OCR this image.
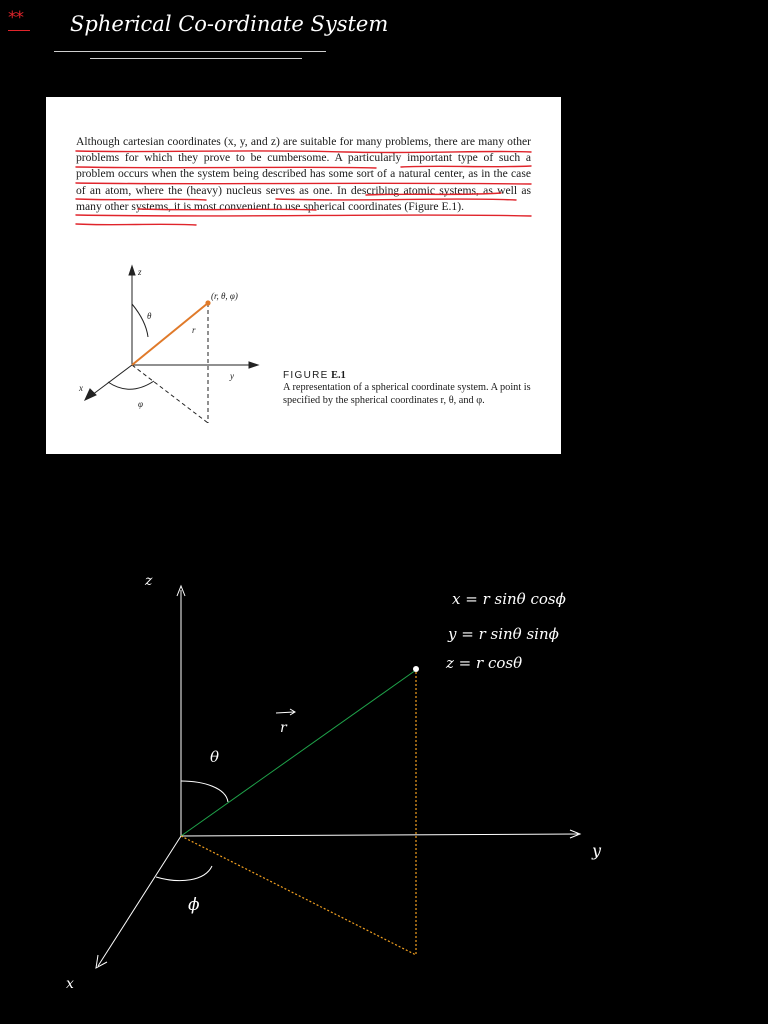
** Spherical Co-ordinate System
Although cartesian coordinates (x, y, and z) are suitable for many problems, there are many other problems for which they prove to be cumbersome. A particularly important type of such a problem occurs when the system being described has some sort of a natural center, as in the case of an atom, where the (heavy) nucleus serves as one. In describing atomic systems, as well as many other systems, it is most convenient to use spherical coordinates (Figure E.1).
z
y
x
θ
φ
r
(r, θ, φ)
FIGURE E.1
A representation of a spherical coordinate system. A point is specified by the spherical coordinates r, θ, and φ.
z
y
x
θ
ϕ
r
x = r sinθ cosϕ
y = r sinθ sinϕ
z = r cosθ
